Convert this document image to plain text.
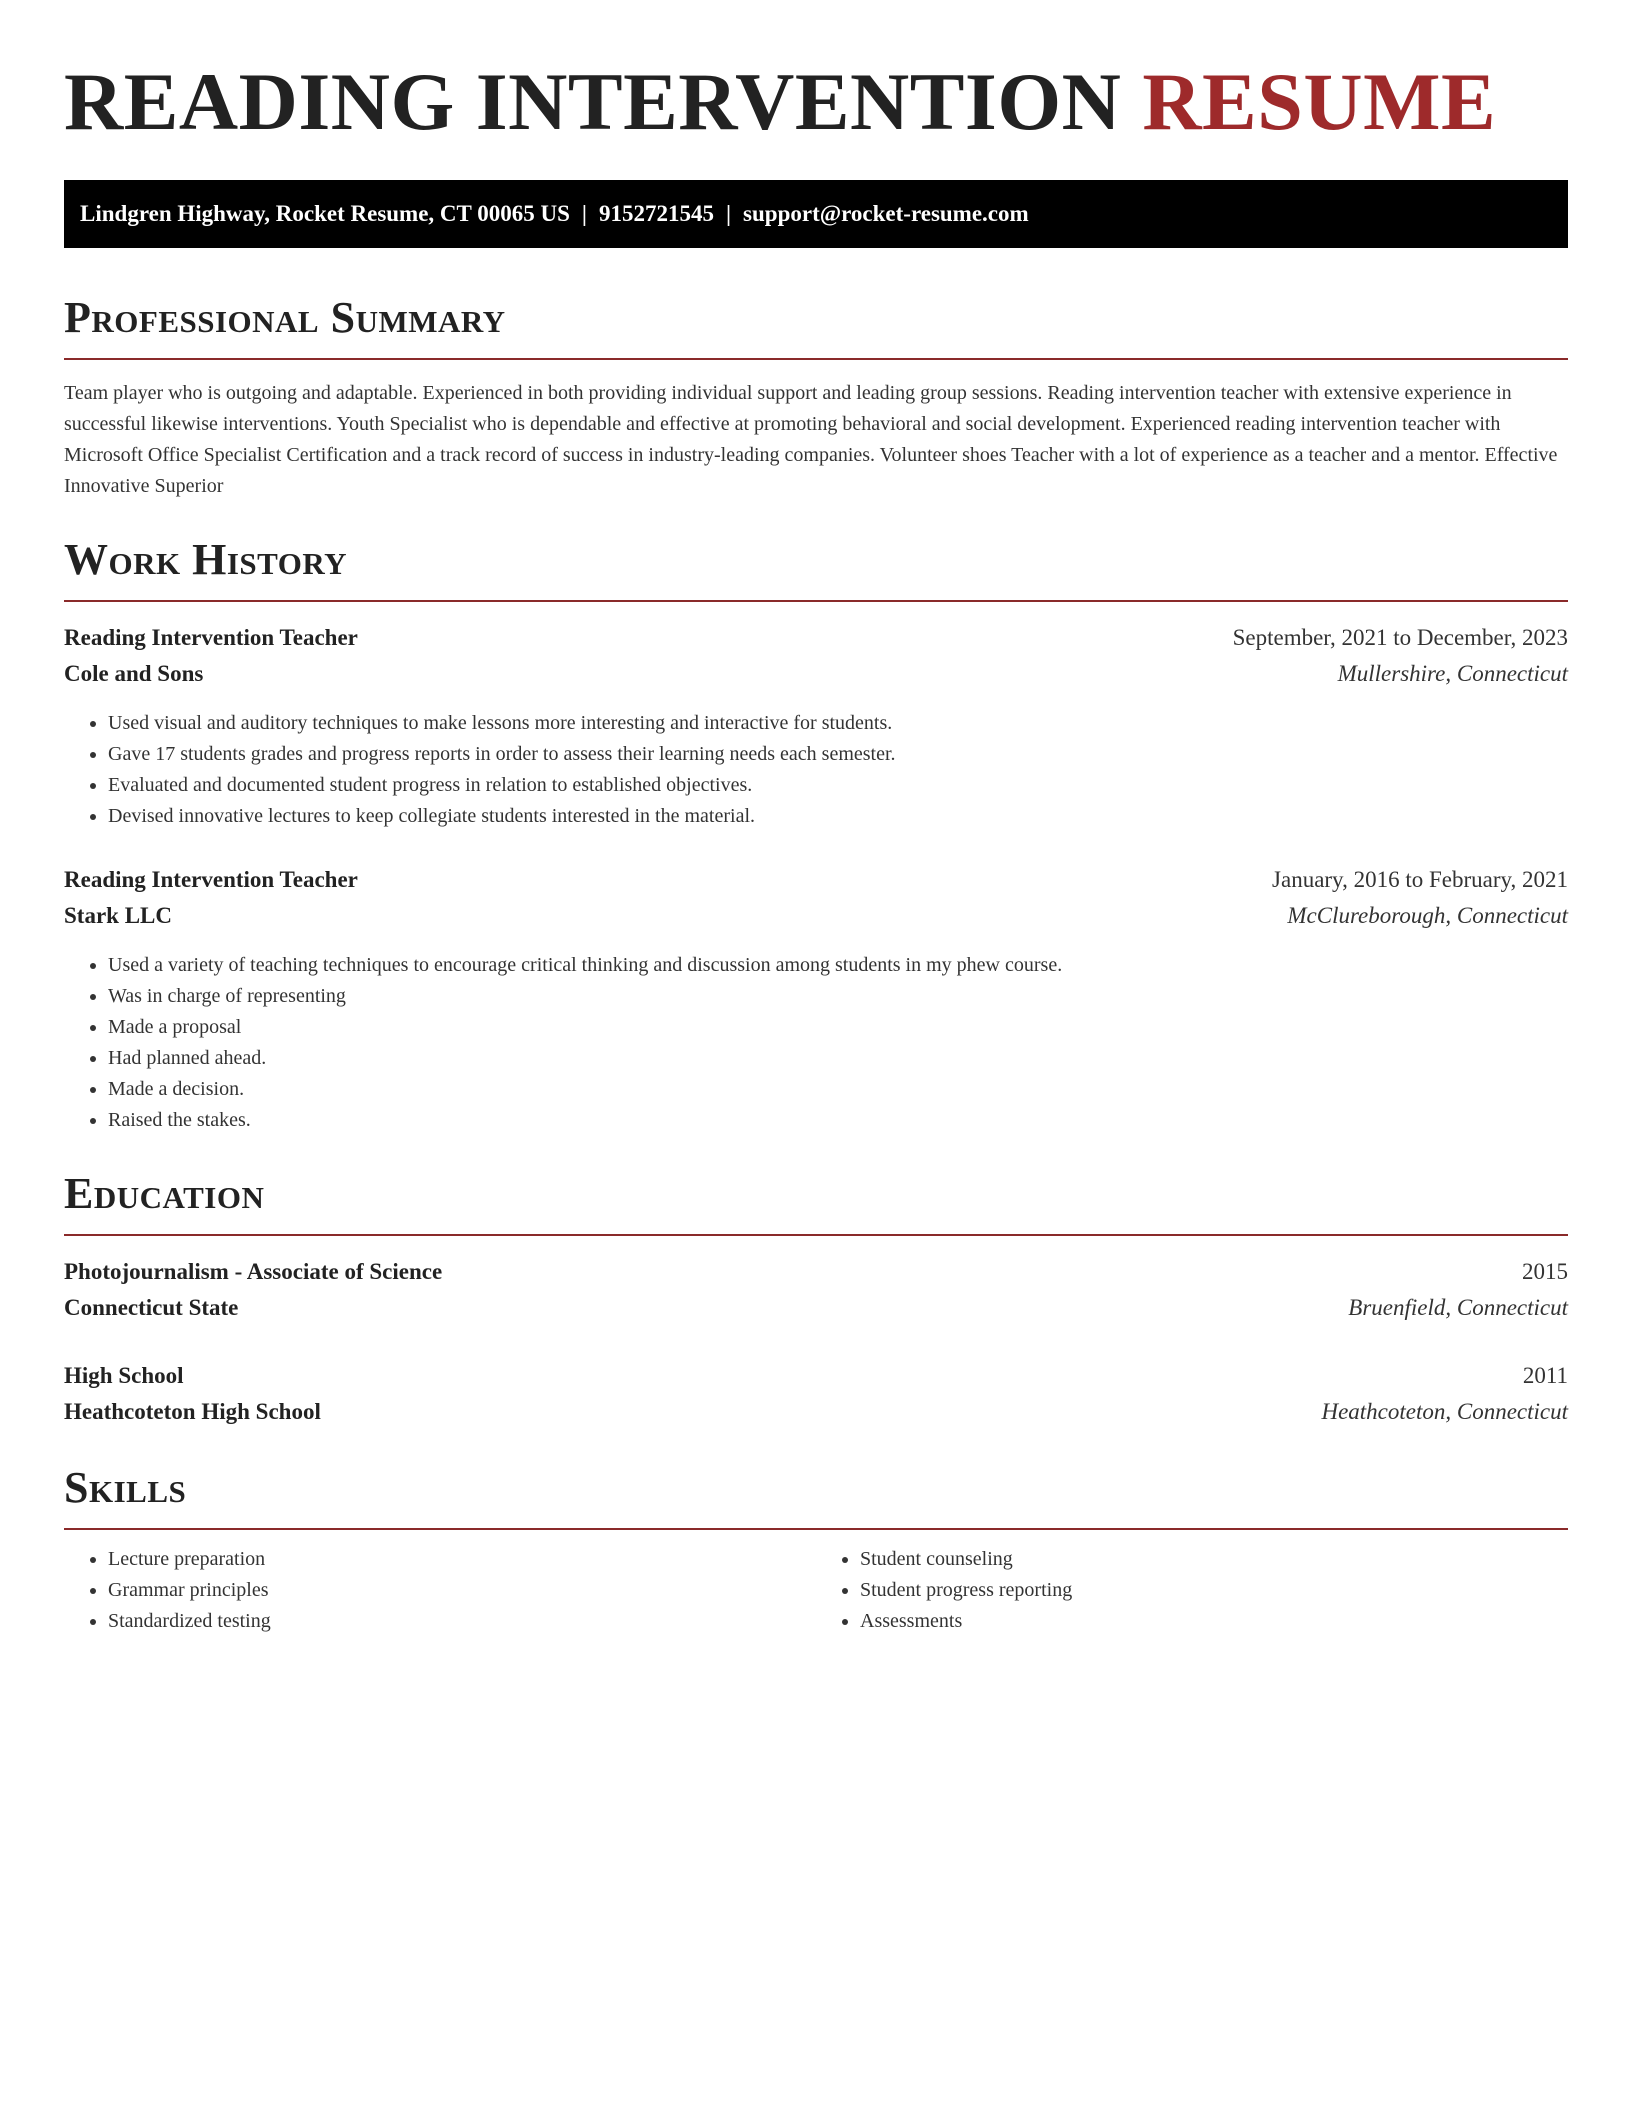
READING INTERVENTION RESUME
Lindgren Highway, Rocket Resume, CT 00065 US | 9152721545 | support@rocket-resume.com
Professional Summary

Team player who is outgoing and adaptable. Experienced in both providing individual support and leading group sessions. Reading intervention teacher with extensive experience in successful likewise interventions. Youth Specialist who is dependable and effective at promoting behavioral and social development. Experienced reading intervention teacher with Microsoft Office Specialist Certification and a track record of success in industry-leading companies. Volunteer shoes Teacher with a lot of experience as a teacher and a mentor. Effective Innovative Superior

Work History
Reading Intervention Teacher	September, 2021 to December, 2023
Cole and Sons	Mullershire, Connecticut
• Used visual and auditory techniques to make lessons more interesting and interactive for students.
• Gave 17 students grades and progress reports in order to assess their learning needs each semester.
• Evaluated and documented student progress in relation to established objectives.
• Devised innovative lectures to keep collegiate students interested in the material.
Reading Intervention Teacher	January, 2016 to February, 2021
Stark LLC	McClureborough, Connecticut
• Used a variety of teaching techniques to encourage critical thinking and discussion among students in my phew course.
• Was in charge of representing
• Made a proposal
• Had planned ahead.
• Made a decision.
• Raised the stakes.
Education
Photojournalism - Associate of Science	2015
Connecticut State	Bruenfield, Connecticut
High School	2011
Heathcoteton High School	Heathcoteton, Connecticut
Skills
• Lecture preparation
• Grammar principles
• Standardized testing
• Student counseling
• Student progress reporting
• Assessments
